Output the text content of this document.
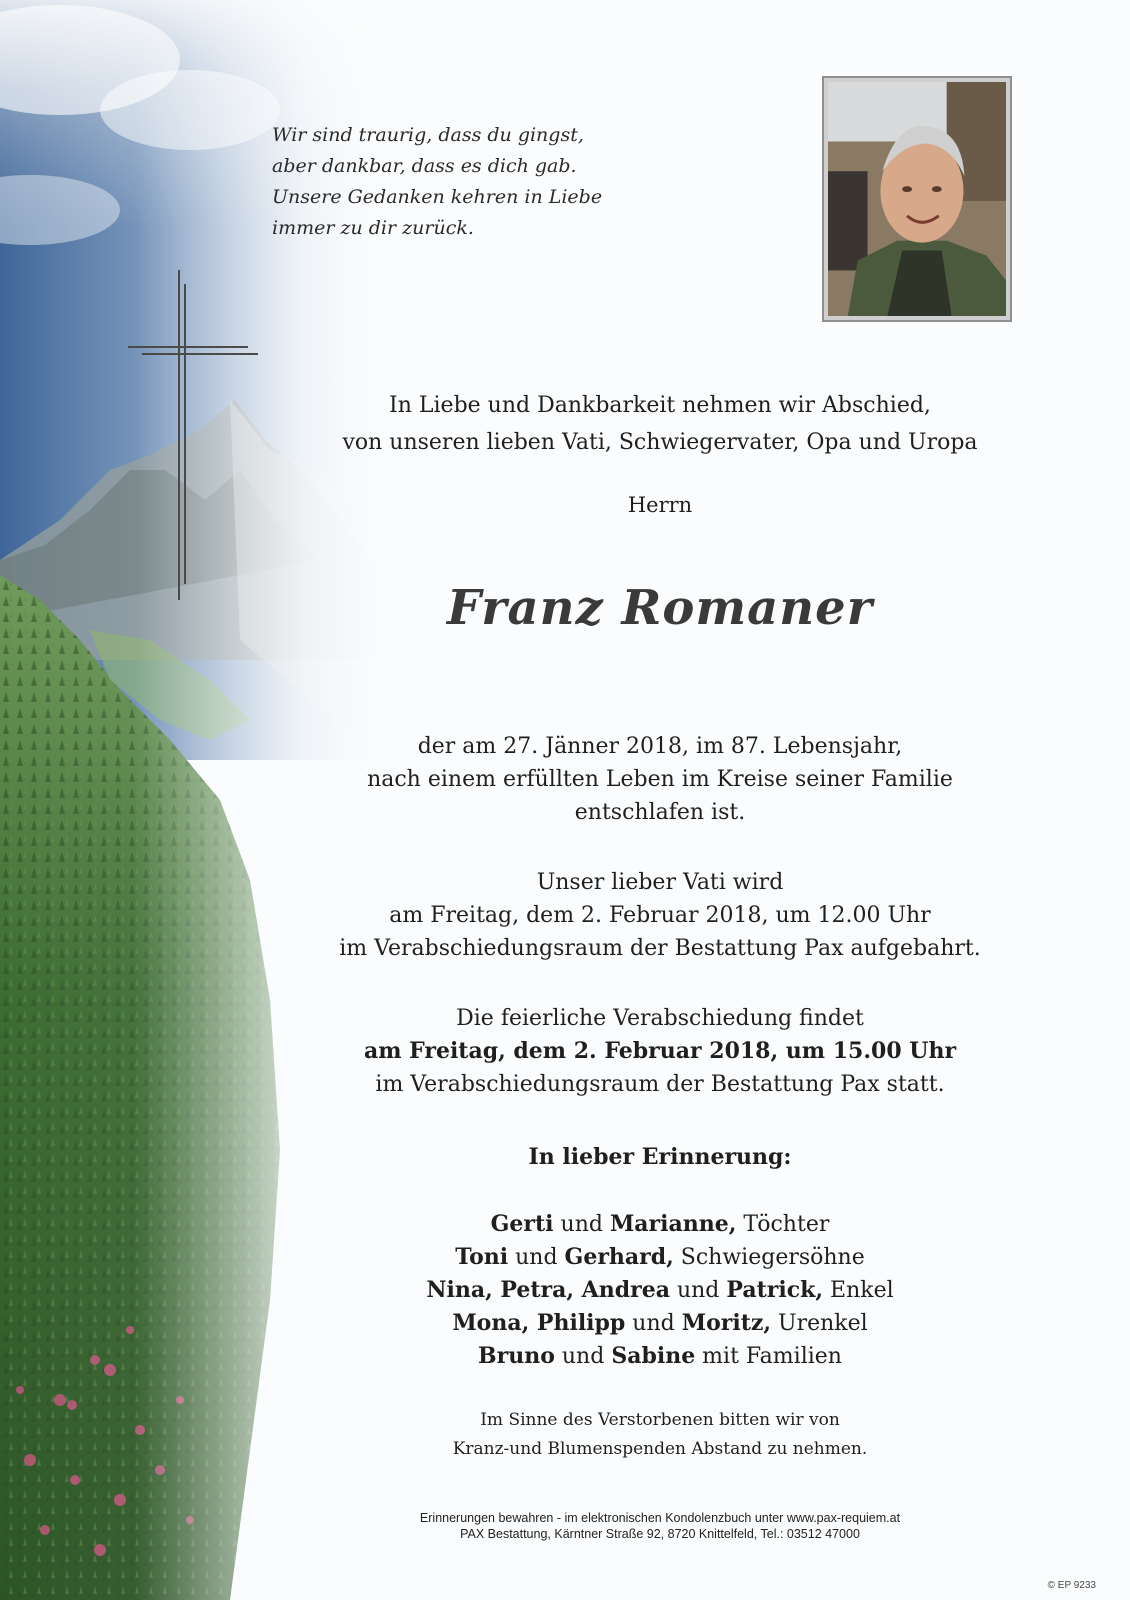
Wir sind traurig, dass du gingst,
aber dankbar, dass es dich gab.
Unsere Gedanken kehren in Liebe
immer zu dir zurück.
In Liebe und Dankbarkeit nehmen wir Abschied,
von unseren lieben Vati, Schwiegervater, Opa und Uropa
Herrn
Franz Romaner
der am 27. Jänner 2018, im 87. Lebensjahr,
nach einem erfüllten Leben im Kreise seiner Familie
entschlafen ist.
Unser lieber Vati wird
am Freitag, dem 2. Februar 2018, um 12.00 Uhr
im Verabschiedungsraum der Bestattung Pax aufgebahrt.
Die feierliche Verabschiedung findet
am Freitag, dem 2. Februar 2018, um 15.00 Uhr
im Verabschiedungsraum der Bestattung Pax statt.
In lieber Erinnerung:
Gerti und Marianne, Töchter
Toni und Gerhard, Schwiegersöhne
Nina, Petra, Andrea und Patrick, Enkel
Mona, Philipp und Moritz, Urenkel
Bruno und Sabine mit Familien
Im Sinne des Verstorbenen bitten wir von
Kranz-und Blumenspenden Abstand zu nehmen.
Erinnerungen bewahren - im elektronischen Kondolenzbuch unter www.pax-requiem.at
PAX Bestattung, Kärntner Straße 92, 8720 Knittelfeld, Tel.: 03512 47000
© EP 9233
